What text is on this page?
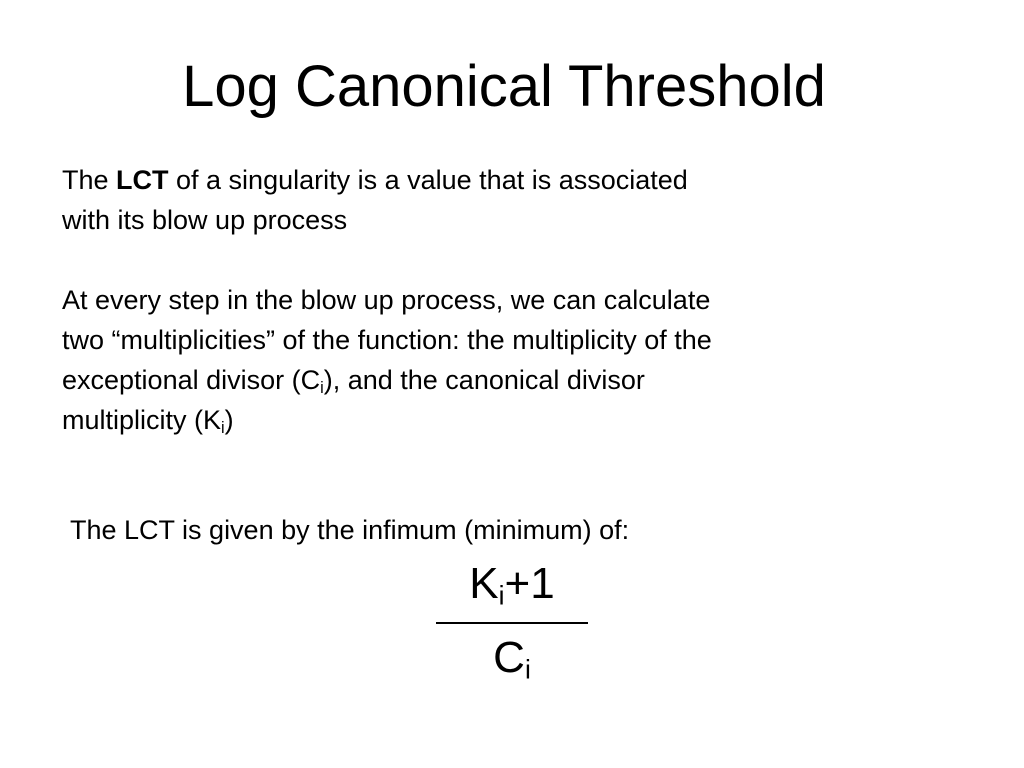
Log Canonical Threshold

The LCT of a singularity is a value that is associated
with its blow up process

At every step in the blow up process, we can calculate
two “multiplicities” of the function: the multiplicity of the
exceptional divisor $(C_i)$, and the canonical divisor
multiplicity $(K_i)$

The LCT is given by the infimum (minimum) of:

$K_i+1$
$C_i$
